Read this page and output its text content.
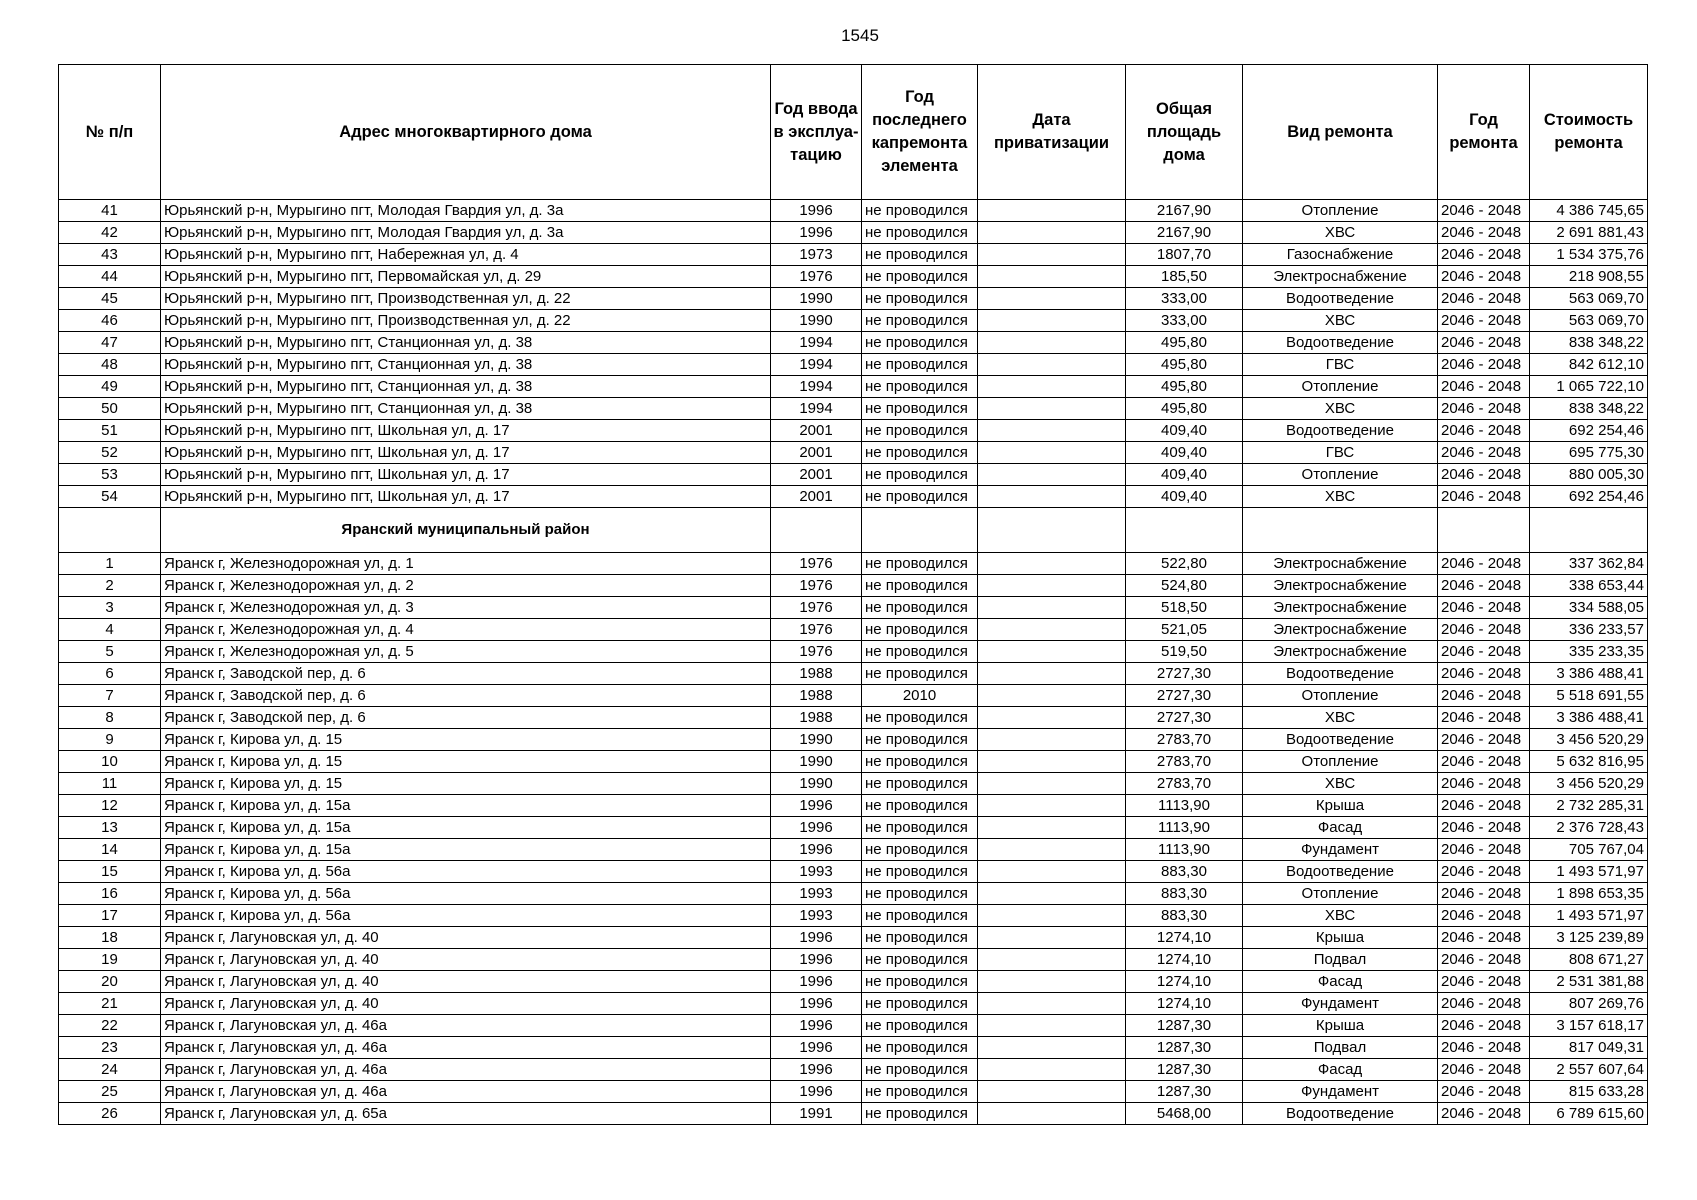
1545
№ п/п	Адрес многоквартирного дома	Год ввода в эксплуа-тацию	Год последнего капремонта элемента	Дата приватизации	Общая площадь дома	Вид ремонта	Год ремонта	Стоимость ремонта
41	Юрьянский р-н, Мурыгино пгт, Молодая Гвардия ул, д. 3а	1996	не проводился		2167,90	Отопление	2046 - 2048	4 386 745,65
42	Юрьянский р-н, Мурыгино пгт, Молодая Гвардия ул, д. 3а	1996	не проводился		2167,90	ХВС	2046 - 2048	2 691 881,43
43	Юрьянский р-н, Мурыгино пгт, Набережная ул, д. 4	1973	не проводился		1807,70	Газоснабжение	2046 - 2048	1 534 375,76
44	Юрьянский р-н, Мурыгино пгт, Первомайская ул, д. 29	1976	не проводился		185,50	Электроснабжение	2046 - 2048	218 908,55
45	Юрьянский р-н, Мурыгино пгт, Производственная ул, д. 22	1990	не проводился		333,00	Водоотведение	2046 - 2048	563 069,70
46	Юрьянский р-н, Мурыгино пгт, Производственная ул, д. 22	1990	не проводился		333,00	ХВС	2046 - 2048	563 069,70
47	Юрьянский р-н, Мурыгино пгт, Станционная ул, д. 38	1994	не проводился		495,80	Водоотведение	2046 - 2048	838 348,22
48	Юрьянский р-н, Мурыгино пгт, Станционная ул, д. 38	1994	не проводился		495,80	ГВС	2046 - 2048	842 612,10
49	Юрьянский р-н, Мурыгино пгт, Станционная ул, д. 38	1994	не проводился		495,80	Отопление	2046 - 2048	1 065 722,10
50	Юрьянский р-н, Мурыгино пгт, Станционная ул, д. 38	1994	не проводился		495,80	ХВС	2046 - 2048	838 348,22
51	Юрьянский р-н, Мурыгино пгт, Школьная ул, д. 17	2001	не проводился		409,40	Водоотведение	2046 - 2048	692 254,46
52	Юрьянский р-н, Мурыгино пгт, Школьная ул, д. 17	2001	не проводился		409,40	ГВС	2046 - 2048	695 775,30
53	Юрьянский р-н, Мурыгино пгт, Школьная ул, д. 17	2001	не проводился		409,40	Отопление	2046 - 2048	880 005,30
54	Юрьянский р-н, Мурыгино пгт, Школьная ул, д. 17	2001	не проводился		409,40	ХВС	2046 - 2048	692 254,46
	Яранский муниципальный район							
1	Яранск г, Железнодорожная ул, д. 1	1976	не проводился		522,80	Электроснабжение	2046 - 2048	337 362,84
2	Яранск г, Железнодорожная ул, д. 2	1976	не проводился		524,80	Электроснабжение	2046 - 2048	338 653,44
3	Яранск г, Железнодорожная ул, д. 3	1976	не проводился		518,50	Электроснабжение	2046 - 2048	334 588,05
4	Яранск г, Железнодорожная ул, д. 4	1976	не проводился		521,05	Электроснабжение	2046 - 2048	336 233,57
5	Яранск г, Железнодорожная ул, д. 5	1976	не проводился		519,50	Электроснабжение	2046 - 2048	335 233,35
6	Яранск г, Заводской пер, д. 6	1988	не проводился		2727,30	Водоотведение	2046 - 2048	3 386 488,41
7	Яранск г, Заводской пер, д. 6	1988	2010		2727,30	Отопление	2046 - 2048	5 518 691,55
8	Яранск г, Заводской пер, д. 6	1988	не проводился		2727,30	ХВС	2046 - 2048	3 386 488,41
9	Яранск г, Кирова ул, д. 15	1990	не проводился		2783,70	Водоотведение	2046 - 2048	3 456 520,29
10	Яранск г, Кирова ул, д. 15	1990	не проводился		2783,70	Отопление	2046 - 2048	5 632 816,95
11	Яранск г, Кирова ул, д. 15	1990	не проводился		2783,70	ХВС	2046 - 2048	3 456 520,29
12	Яранск г, Кирова ул, д. 15а	1996	не проводился		1113,90	Крыша	2046 - 2048	2 732 285,31
13	Яранск г, Кирова ул, д. 15а	1996	не проводился		1113,90	Фасад	2046 - 2048	2 376 728,43
14	Яранск г, Кирова ул, д. 15а	1996	не проводился		1113,90	Фундамент	2046 - 2048	705 767,04
15	Яранск г, Кирова ул, д. 56а	1993	не проводился		883,30	Водоотведение	2046 - 2048	1 493 571,97
16	Яранск г, Кирова ул, д. 56а	1993	не проводился		883,30	Отопление	2046 - 2048	1 898 653,35
17	Яранск г, Кирова ул, д. 56а	1993	не проводился		883,30	ХВС	2046 - 2048	1 493 571,97
18	Яранск г, Лагуновская ул, д. 40	1996	не проводился		1274,10	Крыша	2046 - 2048	3 125 239,89
19	Яранск г, Лагуновская ул, д. 40	1996	не проводился		1274,10	Подвал	2046 - 2048	808 671,27
20	Яранск г, Лагуновская ул, д. 40	1996	не проводился		1274,10	Фасад	2046 - 2048	2 531 381,88
21	Яранск г, Лагуновская ул, д. 40	1996	не проводился		1274,10	Фундамент	2046 - 2048	807 269,76
22	Яранск г, Лагуновская ул, д. 46а	1996	не проводился		1287,30	Крыша	2046 - 2048	3 157 618,17
23	Яранск г, Лагуновская ул, д. 46а	1996	не проводился		1287,30	Подвал	2046 - 2048	817 049,31
24	Яранск г, Лагуновская ул, д. 46а	1996	не проводился		1287,30	Фасад	2046 - 2048	2 557 607,64
25	Яранск г, Лагуновская ул, д. 46а	1996	не проводился		1287,30	Фундамент	2046 - 2048	815 633,28
26	Яранск г, Лагуновская ул, д. 65а	1991	не проводился		5468,00	Водоотведение	2046 - 2048	6 789 615,60
